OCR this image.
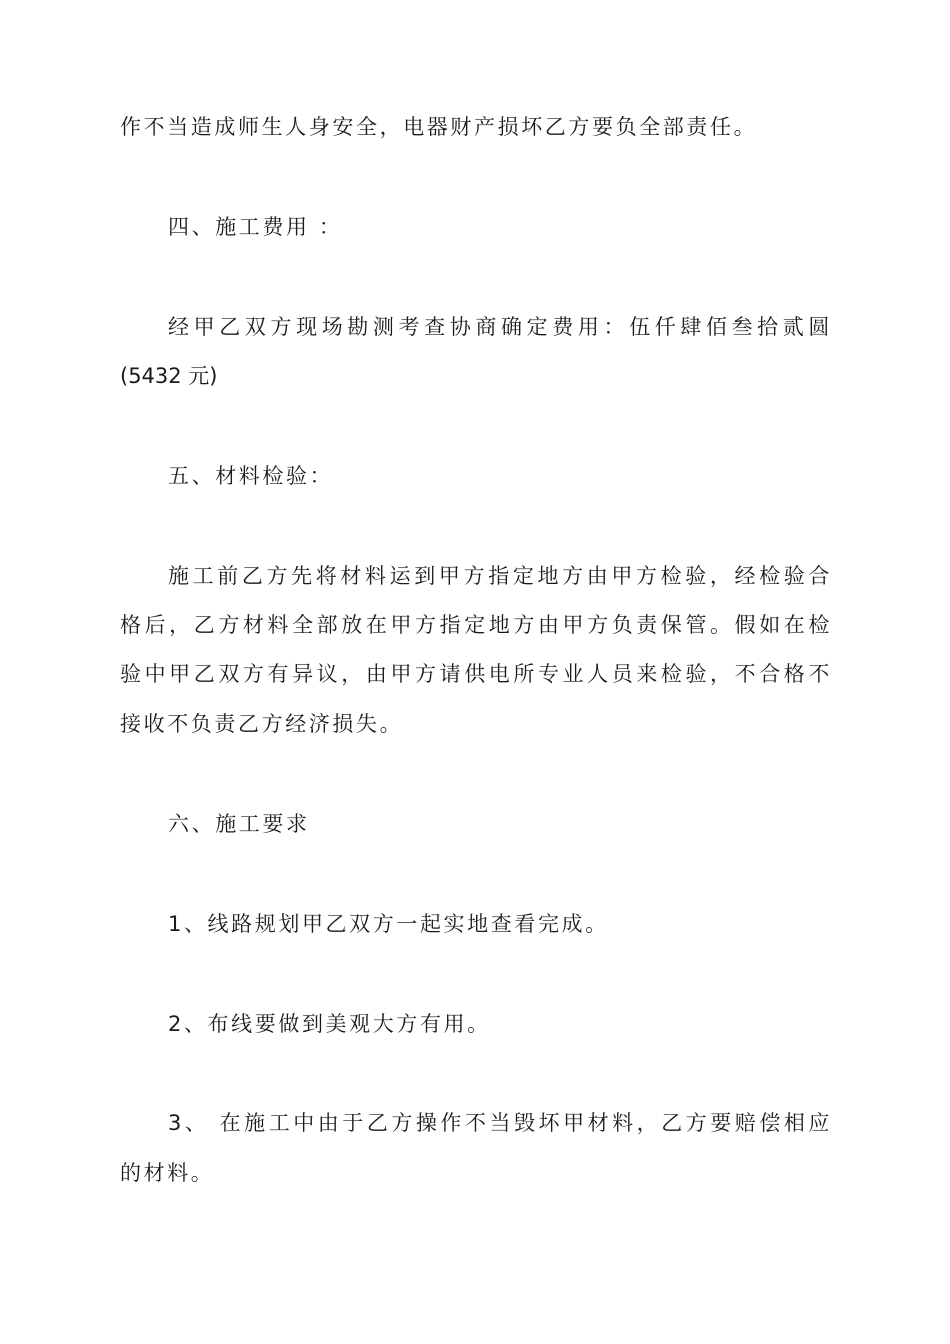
作不当造成师生人身安全，电器财产损坏乙方要负全部责任。
四、施工费用 ：
经甲乙双方现场勘测考查协商确定费用：伍仟肆佰叁拾贰圆
(5432 元)
五、材料检验：
施工前乙方先将材料运到甲方指定地方由甲方检验，经检验合
格后，乙方材料全部放在甲方指定地方由甲方负责保管。假如在检
验中甲乙双方有异议，由甲方请供电所专业人员来检验，不合格不
接收不负责乙方经济损失。
六、施工要求
1、线路规划甲乙双方一起实地查看完成。
2、布线要做到美观大方有用。
3、 在施工中由于乙方操作不当毁坏甲材料，乙方要赔偿相应
的材料。
